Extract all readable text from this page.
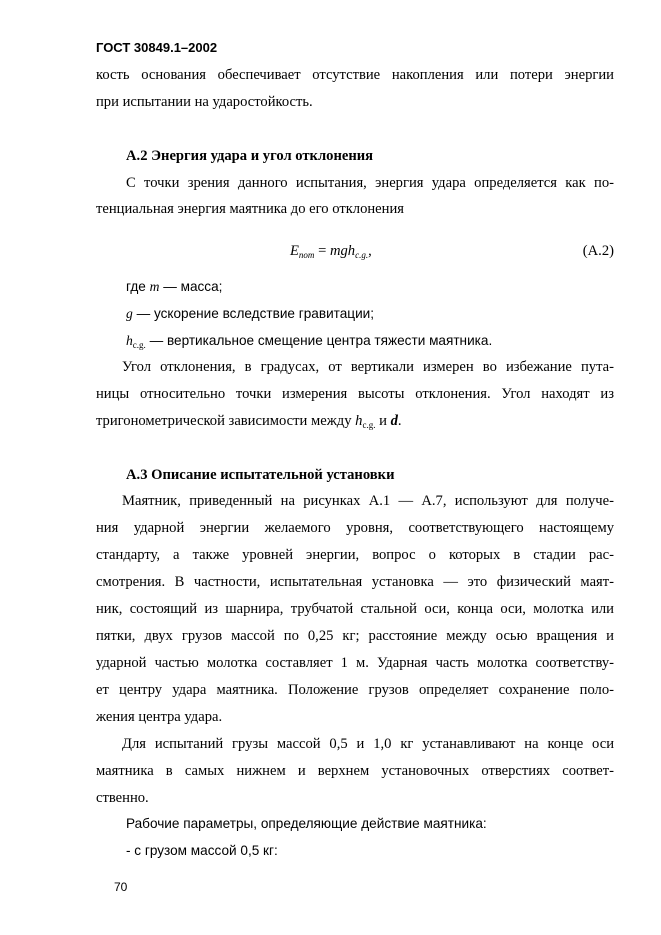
ГОСТ 30849.1–2002
кость основания обеспечивает отсутствие накопления или потери энергии
при испытании на ударостойкость.
А.2 Энергия удара и угол отклонения
С точки зрения данного испытания, энергия удара определяется как по-
тенциальная энергия маятника до его отклонения
$E_{пот} = mgh_{c.g.}$,	(А.2)
где m — масса;
g — ускорение вследствие гравитации;
$h_{c.g.}$ — вертикальное смещение центра тяжести маятника.
Угол отклонения, в градусах, от вертикали измерен во избежание пута-
ницы относительно точки измерения высоты отклонения. Угол находят из
тригонометрической зависимости между $h_{c.g.}$ и d.
А.3 Описание испытательной установки
Маятник, приведенный на рисунках А.1 — А.7, используют для получе-
ния ударной энергии желаемого уровня, соответствующего настоящему
стандарту, а также уровней энергии, вопрос о которых в стадии рас-
смотрения. В частности, испытательная установка — это физический маят-
ник, состоящий из шарнира, трубчатой стальной оси, конца оси, молотка или
пятки, двух грузов массой по 0,25 кг; расстояние между осью вращения и
ударной частью молотка составляет 1 м. Ударная часть молотка соответству-
ет центру удара маятника. Положение грузов определяет сохранение поло-
жения центра удара.
Для испытаний грузы массой 0,5 и 1,0 кг устанавливают на конце оси
маятника в самых нижнем и верхнем установочных отверстиях соответ-
ственно.
Рабочие параметры, определяющие действие маятника:
- с грузом массой 0,5 кг:
70
